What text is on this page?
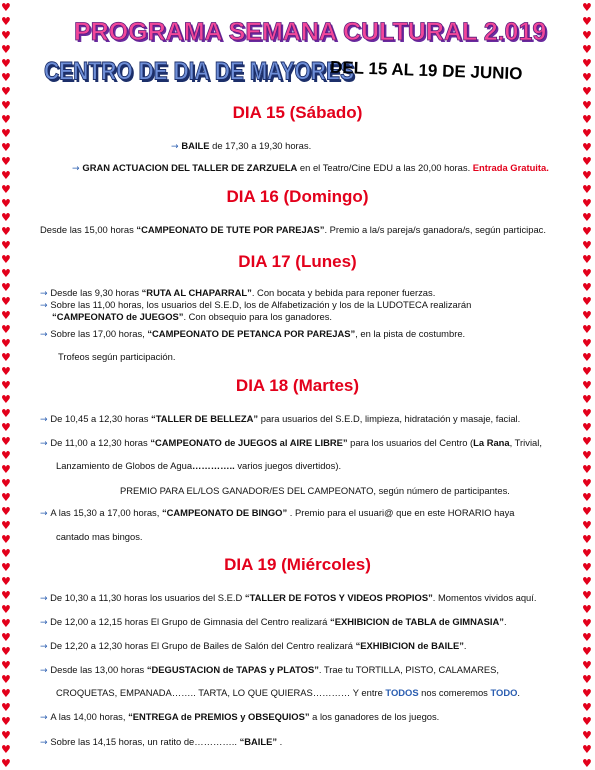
♥
♥
♥
♥
♥
♥
♥
♥
♥
♥
♥
♥
♥
♥
♥
♥
♥
♥
♥
♥
♥
♥
♥
♥
♥
♥
♥
♥
♥
♥
♥
♥
♥
♥
♥
♥
♥
♥
♥
♥
♥
♥
♥
♥
♥
♥
♥
♥
♥
♥
♥
♥
♥
♥
♥
♥
♥
♥
♥
♥
♥
♥
♥
♥
♥
♥
♥
♥
♥
♥
♥
♥
♥
♥
♥
♥
♥
♥
♥
♥
♥
♥
♥
♥
♥
♥
♥
♥
♥
♥
♥
♥
♥
♥
♥
♥
♥
♥
♥
♥
♥
♥
♥
♥
♥
♥
♥
♥
♥
♥
PROGRAMA SEMANA CULTURAL 2.019
CENTRO DE DIA DE MAYORES
DEL 15 AL 19 DE JUNIO
DIA 15 (Sábado)
→ BAILE de 17,30 a 19,30 horas.
→ GRAN ACTUACION DEL TALLER DE ZARZUELA en el Teatro/Cine EDU a las 20,00 horas. Entrada Gratuita.
DIA 16 (Domingo)
Desde las 15,00 horas “CAMPEONATO DE TUTE POR PAREJAS”. Premio a la/s pareja/s ganadora/s, según participac.
DIA 17 (Lunes)
→ Desde las 9,30 horas “RUTA AL CHAPARRAL”. Con bocata y bebida para reponer fuerzas.
→ Sobre las 11,00 horas, los usuarios del S.E.D, los de Alfabetización y los de la LUDOTECA realizarán
“CAMPEONATO de JUEGOS”. Con obsequio para los ganadores.
→ Sobre las 17,00 horas, “CAMPEONATO DE PETANCA POR PAREJAS”, en la pista de costumbre.
Trofeos según participación.
DIA 18 (Martes)
→ De 10,45 a 12,30 horas “TALLER DE BELLEZA” para usuarios del S.E.D, limpieza, hidratación y masaje, facial.
→ De 11,00 a 12,30 horas “CAMPEONATO de JUEGOS al AIRE LIBRE” para los usuarios del Centro (La Rana, Trivial,
Lanzamiento de Globos de Agua………….. varios juegos divertidos).
PREMIO PARA EL/LOS GANADOR/ES DEL CAMPEONATO, según número de participantes.
→ A las 15,30 a 17,00 horas, “CAMPEONATO DE BINGO” . Premio para el usuari@ que en este HORARIO haya
cantado mas bingos.
DIA 19 (Miércoles)
→ De 10,30 a 11,30 horas los usuarios del S.E.D “TALLER DE FOTOS Y VIDEOS PROPIOS”. Momentos vividos aquí.
→ De 12,00 a 12,15 horas El Grupo de Gimnasia del Centro realizará “EXHIBICION de TABLA de GIMNASIA”.
→ De 12,20 a 12,30 horas El Grupo de Bailes de Salón del Centro realizará “EXHIBICION de BAILE”.
→ Desde las 13,00 horas “DEGUSTACION de TAPAS y PLATOS”. Trae tu TORTILLA, PISTO, CALAMARES,
CROQUETAS, EMPANADA…….. TARTA, LO QUE QUIERAS………… Y entre TODOS nos comeremos TODO.
→ A las 14,00 horas, “ENTREGA de PREMIOS y OBSEQUIOS” a los ganadores de los juegos.
→ Sobre las 14,15 horas, un ratito de………….. “BAILE” .
